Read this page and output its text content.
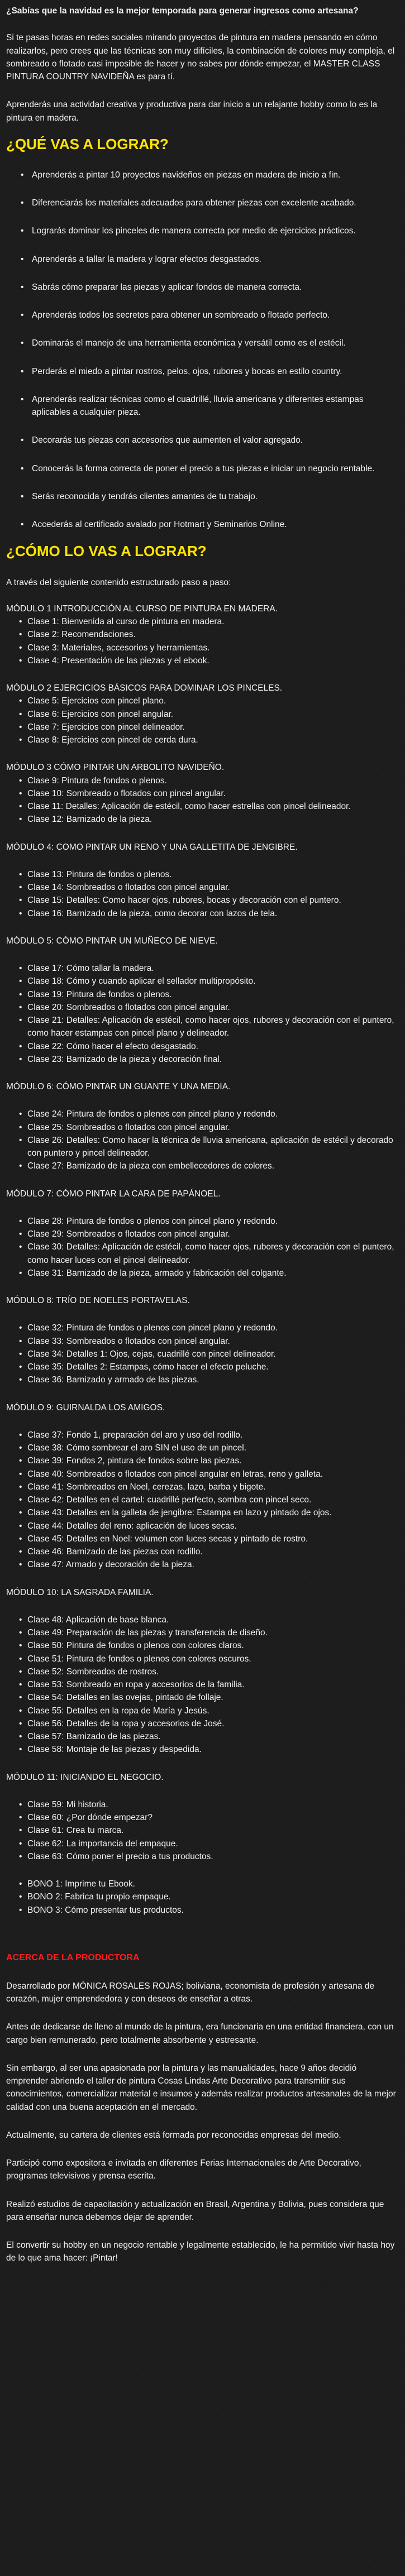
¿Sabías que la navidad es la mejor temporada para generar ingresos como artesana?

Si te pasas horas en redes sociales mirando proyectos de pintura en madera pensando en cómo realizarlos, pero crees que las técnicas son muy difíciles, la combinación de colores muy compleja, el sombreado o flotado casi imposible de hacer y no sabes por dónde empezar, el MASTER CLASS PINTURA COUNTRY NAVIDEÑA es para tí.

Aprenderás una actividad creativa y productiva para dar inicio a un relajante hobby como lo es la pintura en madera.

¿QUÉ VAS A LOGRAR?
• Aprenderás a pintar 10 proyectos navideños en piezas en madera de inicio a fin.
• Diferenciarás los materiales adecuados para obtener piezas con excelente acabado.
• Lograrás dominar los pinceles de manera correcta por medio de ejercicios prácticos.
• Aprenderás a tallar la madera y lograr efectos desgastados.
• Sabrás cómo preparar las piezas y aplicar fondos de manera correcta.
• Aprenderás todos los secretos para obtener un sombreado o flotado perfecto.
• Dominarás el manejo de una herramienta económica y versátil como es el estécil.
• Perderás el miedo a pintar rostros, pelos, ojos, rubores y bocas en estilo country.
• Aprenderás realizar técnicas como el cuadrillé, lluvia americana y diferentes estampas aplicables a cualquier pieza.
• Decorarás tus piezas con accesorios que aumenten el valor agregado.
• Conocerás la forma correcta de poner el precio a tus piezas e iniciar un negocio rentable.
• Serás reconocida y tendrás clientes amantes de tu trabajo.
• Accederás al certificado avalado por Hotmart y Seminarios Online.
¿CÓMO LO VAS A LOGRAR?

A través del siguiente contenido estructurado paso a paso:

MÓDULO 1 INTRODUCCIÓN AL CURSO DE PINTURA EN MADERA.

• Clase 1: Bienvenida al curso de pintura en madera.
• Clase 2: Recomendaciones.
• Clase 3: Materiales, accesorios y herramientas.
• Clase 4: Presentación de las piezas y el ebook.

MÓDULO 2 EJERCICIOS BÁSICOS PARA DOMINAR LOS PINCELES.

• Clase 5: Ejercicios con pincel plano.
• Clase 6: Ejercicios con pincel angular.
• Clase 7: Ejercicios con pincel delineador.
• Clase 8: Ejercicios con pincel de cerda dura.

MÓDULO 3 CÓMO PINTAR UN ARBOLITO NAVIDEÑO.

• Clase 9: Pintura de fondos o plenos.
• Clase 10: Sombreado o flotados con pincel angular.
• Clase 11: Detalles: Aplicación de estécil, como hacer estrellas con pincel delineador.
• Clase 12: Barnizado de la pieza.

MÓDULO 4: COMO PINTAR UN RENO Y UNA GALLETITA DE JENGIBRE.

• Clase 13: Pintura de fondos o plenos.
• Clase 14: Sombreados o flotados con pincel angular.
• Clase 15: Detalles: Como hacer ojos, rubores, bocas y decoración con el puntero.
• Clase 16: Barnizado de la pieza, como decorar con lazos de tela.

MÓDULO 5: CÓMO PINTAR UN MUÑECO DE NIEVE.

• Clase 17: Cómo tallar la madera.
• Clase 18: Cómo y cuando aplicar el sellador multipropósito.
• Clase 19: Pintura de fondos o plenos.
• Clase 20: Sombreados o flotados con pincel angular.
• Clase 21: Detalles: Aplicación de estécil, como hacer ojos, rubores y decoración con el puntero, como hacer estampas con pincel plano y delineador.
• Clase 22: Cómo hacer el efecto desgastado.
• Clase 23: Barnizado de la pieza y decoración final.

MÓDULO 6: CÓMO PINTAR UN GUANTE Y UNA MEDIA.

• Clase 24: Pintura de fondos o plenos con pincel plano y redondo.
• Clase 25: Sombreados o flotados con pincel angular.
• Clase 26: Detalles: Como hacer la técnica de lluvia americana, aplicación de estécil y decorado con puntero y pincel delineador.
• Clase 27: Barnizado de la pieza con embellecedores de colores.

MÓDULO 7: CÓMO PINTAR LA CARA DE PAPÁNOEL.

• Clase 28: Pintura de fondos o plenos con pincel plano y redondo.
• Clase 29: Sombreados o flotados con pincel angular.
• Clase 30: Detalles: Aplicación de estécil, como hacer ojos, rubores y decoración con el puntero, como hacer luces con el pincel delineador.
• Clase 31: Barnizado de la pieza, armado y fabricación del colgante.

MÓDULO 8: TRÍO DE NOELES PORTAVELAS.

• Clase 32: Pintura de fondos o plenos con pincel plano y redondo.
• Clase 33: Sombreados o flotados con pincel angular.
• Clase 34: Detalles 1: Ojos, cejas, cuadrillé con pincel delineador.
• Clase 35: Detalles 2: Estampas, cómo hacer el efecto peluche.
• Clase 36: Barnizado y armado de las piezas.

MÓDULO 9: GUIRNALDA LOS AMIGOS.

• Clase 37: Fondo 1, preparación del aro y uso del rodillo.
• Clase 38: Cómo sombrear el aro SIN el uso de un pincel.
• Clase 39: Fondos 2, pintura de fondos sobre las piezas.
• Clase 40: Sombreados o flotados con pincel angular en letras, reno y galleta.
• Clase 41: Sombreados en Noel, cerezas, lazo, barba y bigote.
• Clase 42: Detalles en el cartel: cuadrillé perfecto, sombra con pincel seco.
• Clase 43: Detalles en la galleta de jengibre: Estampa en lazo y pintado de ojos.
• Clase 44: Detalles del reno: aplicación de luces secas.
• Clase 45: Detalles en Noel: volumen con luces secas y pintado de rostro.
• Clase 46: Barnizado de las piezas con rodillo.
• Clase 47: Armado y decoración de la pieza.

MÓDULO 10: LA SAGRADA FAMILIA.

• Clase 48: Aplicación de base blanca.
• Clase 49: Preparación de las piezas y transferencia de diseño.
• Clase 50: Pintura de fondos o plenos con colores claros.
• Clase 51: Pintura de fondos o plenos con colores oscuros.
• Clase 52: Sombreados de rostros.
• Clase 53: Sombreado en ropa y accesorios de la familia.
• Clase 54: Detalles en las ovejas, pintado de follaje.
• Clase 55: Detalles en la ropa de María y Jesús.
• Clase 56: Detalles de la ropa y accesorios de José.
• Clase 57: Barnizado de las piezas.
• Clase 58: Montaje de las piezas y despedida.

MÓDULO 11: INICIANDO EL NEGOCIO.

• Clase 59: Mi historia.
• Clase 60: ¿Por dónde empezar?
• Clase 61: Crea tu marca.
• Clase 62: La importancia del empaque.
• Clase 63: Cómo poner el precio a tus productos.
• BONO 1: Imprime tu Ebook.
• BONO 2: Fabrica tu propio empaque.
• BONO 3: Cómo presentar tus productos.
ACERCA DE LA PRODUCTORA

Desarrollado por MÓNICA ROSALES ROJAS; boliviana, economista de profesión y artesana de corazón, mujer emprendedora y con deseos de enseñar a otras.

Antes de dedicarse de lleno al mundo de la pintura, era funcionaria en una entidad financiera, con un cargo bien remunerado, pero totalmente absorbente y estresante.

Sin embargo, al ser una apasionada por la pintura y las manualidades, hace 9 años decidió emprender abriendo el taller de pintura Cosas Lindas Arte Decorativo para transmitir sus conocimientos, comercializar material e insumos y además realizar productos artesanales de la mejor calidad con una buena aceptación en el mercado.

Actualmente, su cartera de clientes está formada por reconocidas empresas del medio.

Participó como expositora e invitada en diferentes Ferias Internacionales de Arte Decorativo, programas televisivos y prensa escrita.

Realizó estudios de capacitación y actualización en Brasil, Argentina y Bolivia, pues considera que para enseñar nunca debemos dejar de aprender.

El convertir su hobby en un negocio rentable y legalmente establecido, le ha permitido vivir hasta hoy de lo que ama hacer: ¡Pintar!
